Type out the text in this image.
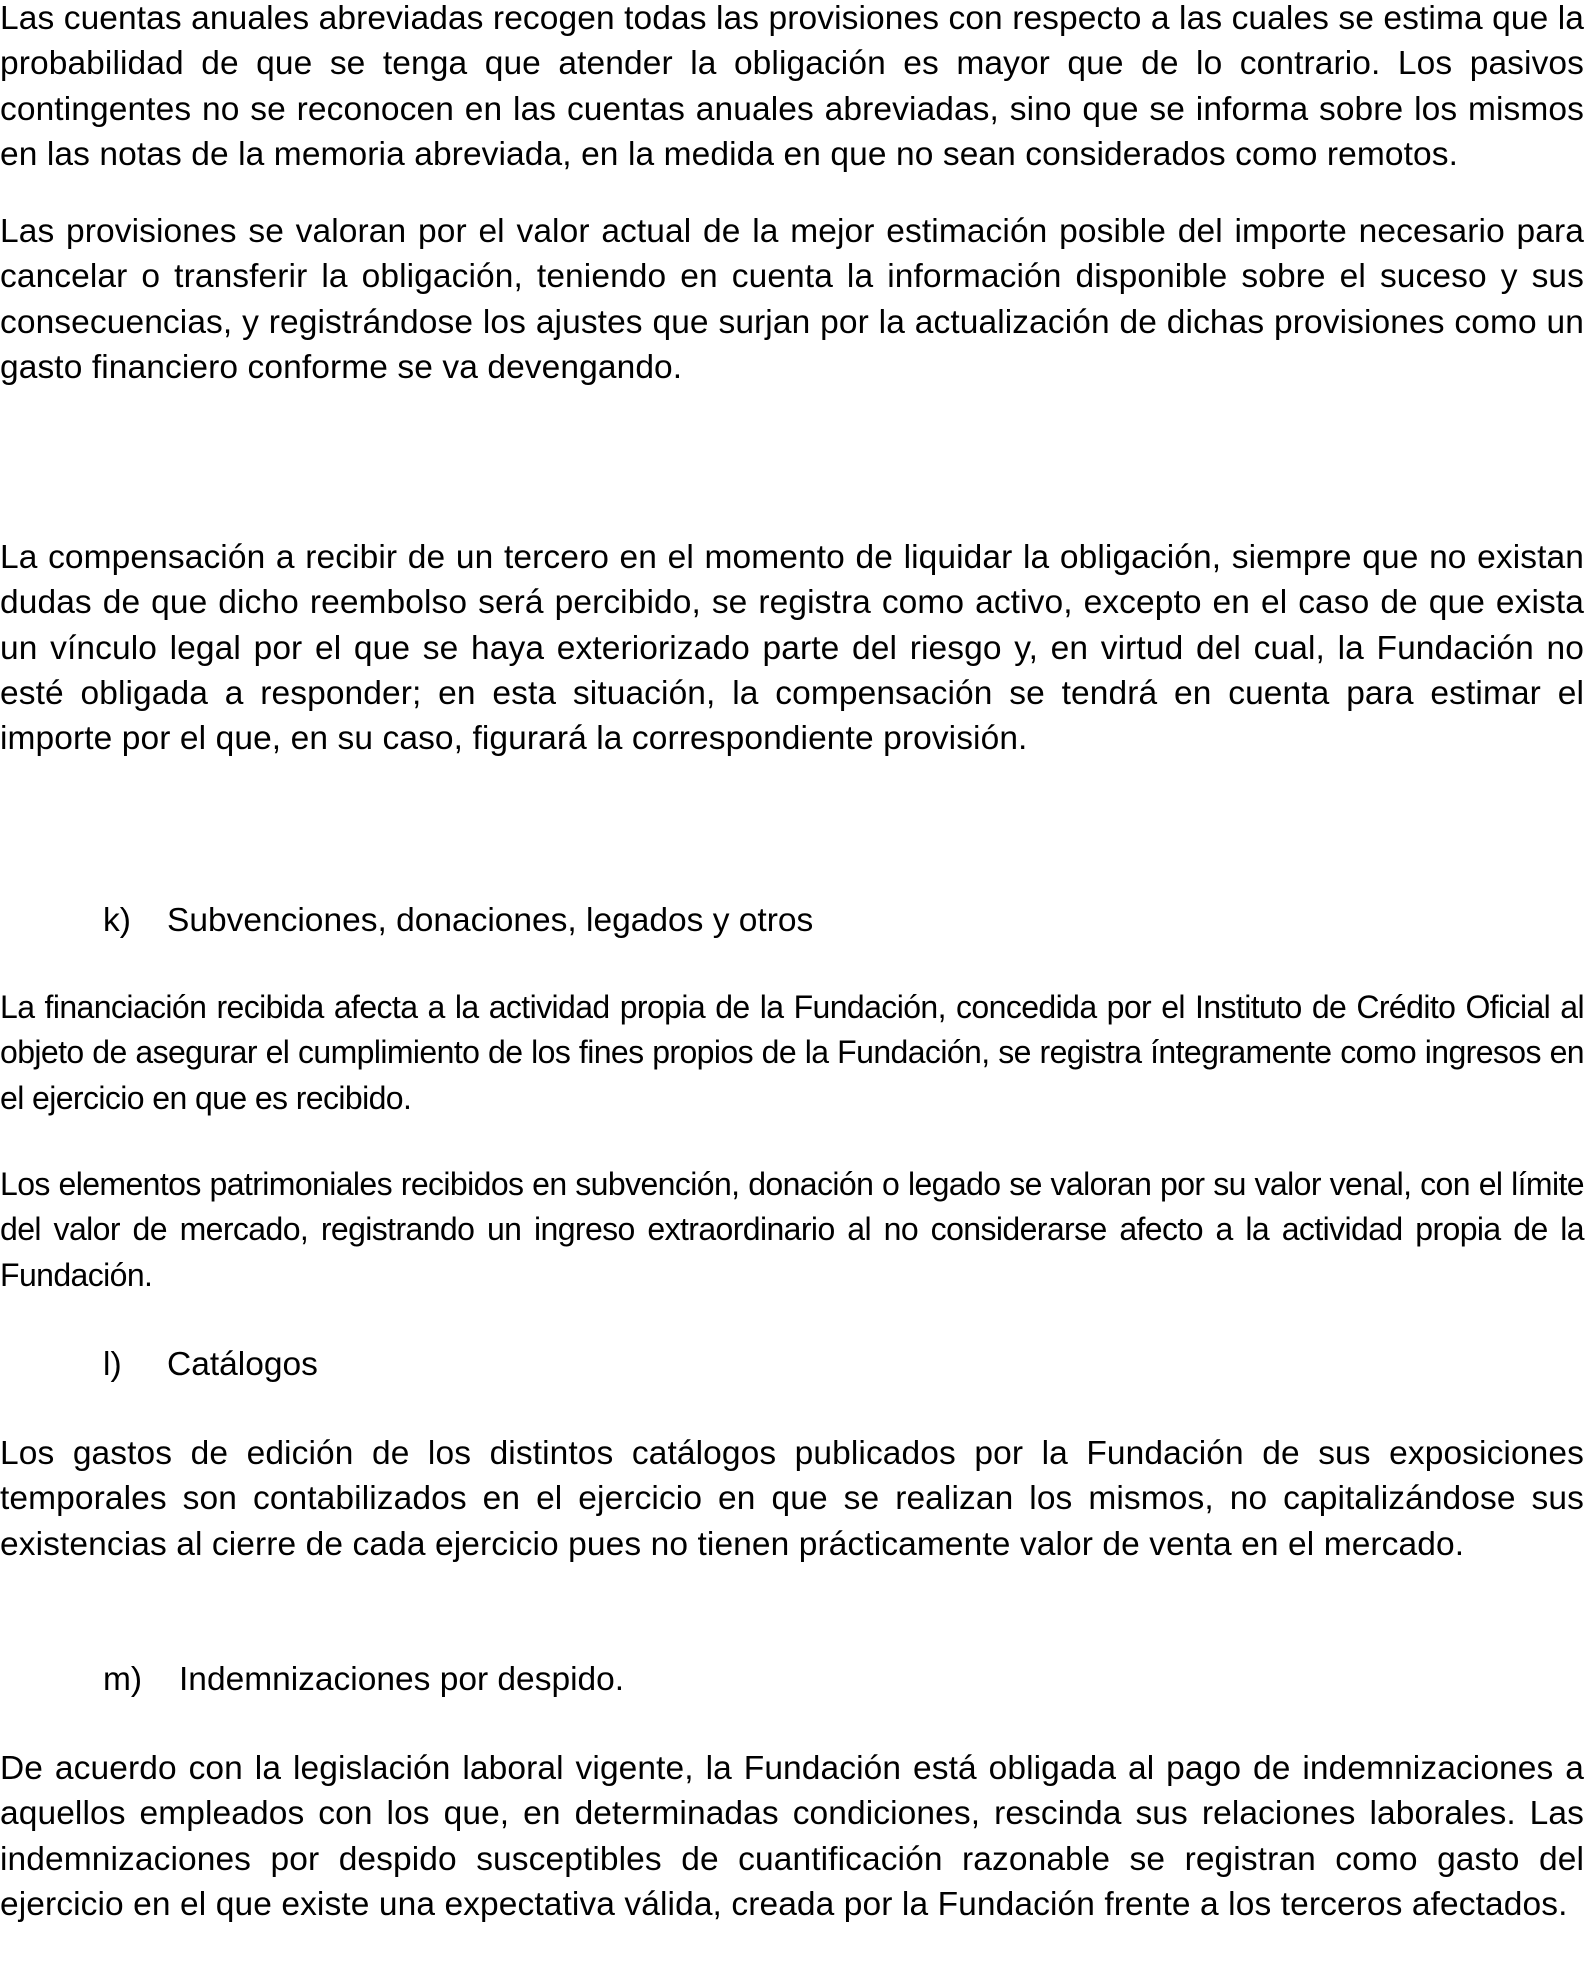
Las cuentas anuales abreviadas recogen todas las provisiones con respecto a las cuales se estima que la probabilidad de que se tenga que atender la obligación es mayor que de lo contrario. Los pasivos contingentes no se reconocen en las cuentas anuales abreviadas, sino que se informa sobre los mismos en las notas de la memoria abreviada, en la medida en que no sean considerados como remotos.

Las provisiones se valoran por el valor actual de la mejor estimación posible del importe necesario para cancelar o transferir la obligación, teniendo en cuenta la información disponible sobre el suceso y sus consecuencias, y registrándose los ajustes que surjan por la actualización de dichas provisiones como un gasto financiero conforme se va devengando.

La compensación a recibir de un tercero en el momento de liquidar la obligación, siempre que no existan dudas de que dicho reembolso será percibido, se registra como activo, excepto en el caso de que exista un vínculo legal por el que se haya exteriorizado parte del riesgo y, en virtud del cual, la Fundación no esté obligada a responder; en esta situación, la compensación se tendrá en cuenta para estimar el importe por el que, en su caso, figurará la correspondiente provisión.

k) Subvenciones, donaciones, legados y otros

La financiación recibida afecta a la actividad propia de la Fundación, concedida por el Instituto de Crédito Oficial al objeto de asegurar el cumplimiento de los fines propios de la Fundación, se registra íntegramente como ingresos en el ejercicio en que es recibido.

Los elementos patrimoniales recibidos en subvención, donación o legado se valoran por su valor venal, con el límite del valor de mercado, registrando un ingreso extraordinario al no considerarse afecto a la actividad propia de la Fundación.

l) Catálogos

Los gastos de edición de los distintos catálogos publicados por la Fundación de sus exposiciones temporales son contabilizados en el ejercicio en que se realizan los mismos, no capitalizándose sus existencias al cierre de cada ejercicio pues no tienen prácticamente valor de venta en el mercado.

m) Indemnizaciones por despido.

De acuerdo con la legislación laboral vigente, la Fundación está obligada al pago de indemnizaciones a aquellos empleados con los que, en determinadas condiciones, rescinda sus relaciones laborales. Las indemnizaciones por despido susceptibles de cuantificación razonable se registran como gasto del ejercicio en el que existe una expectativa válida, creada por la Fundación frente a los terceros afectados.
